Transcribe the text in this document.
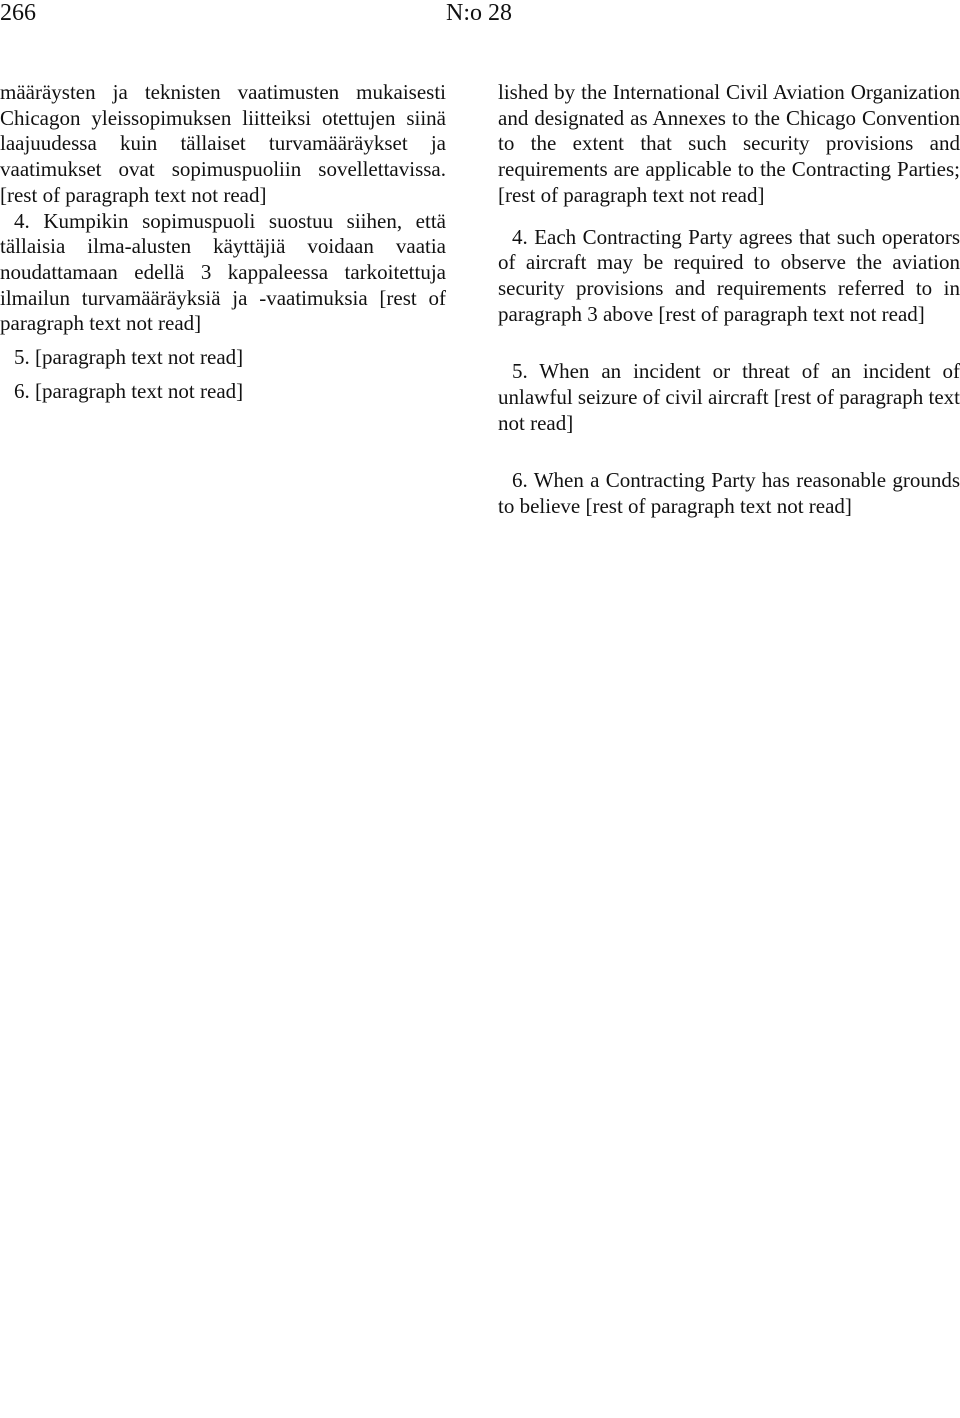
266	N:o 28

määräysten ja teknisten vaatimusten mukaisesti Chicagon yleissopimuksen liitteiksi otettujen siinä laajuudessa kuin tällaiset turvamääräykset ja vaatimukset ovat sopimuspuoliin sovellettavissa. [rest of paragraph text not read]

4. Kumpikin sopimuspuoli suostuu siihen, että tällaisia ilma-alusten käyttäjiä voidaan vaatia noudattamaan edellä 3 kappaleessa tarkoitettuja ilmailun turvamääräyksiä ja -vaatimuksia [rest of paragraph text not read]

5. [paragraph text not read]

6. [paragraph text not read]

lished by the International Civil Aviation Organization and designated as Annexes to the Chicago Convention to the extent that such security provisions and requirements are applicable to the Contracting Parties; [rest of paragraph text not read]

4. Each Contracting Party agrees that such operators of aircraft may be required to observe the aviation security provisions and requirements referred to in paragraph 3 above [rest of paragraph text not read]

5. When an incident or threat of an incident of unlawful seizure of civil aircraft [rest of paragraph text not read]

6. When a Contracting Party has reasonable grounds to believe [rest of paragraph text not read]
